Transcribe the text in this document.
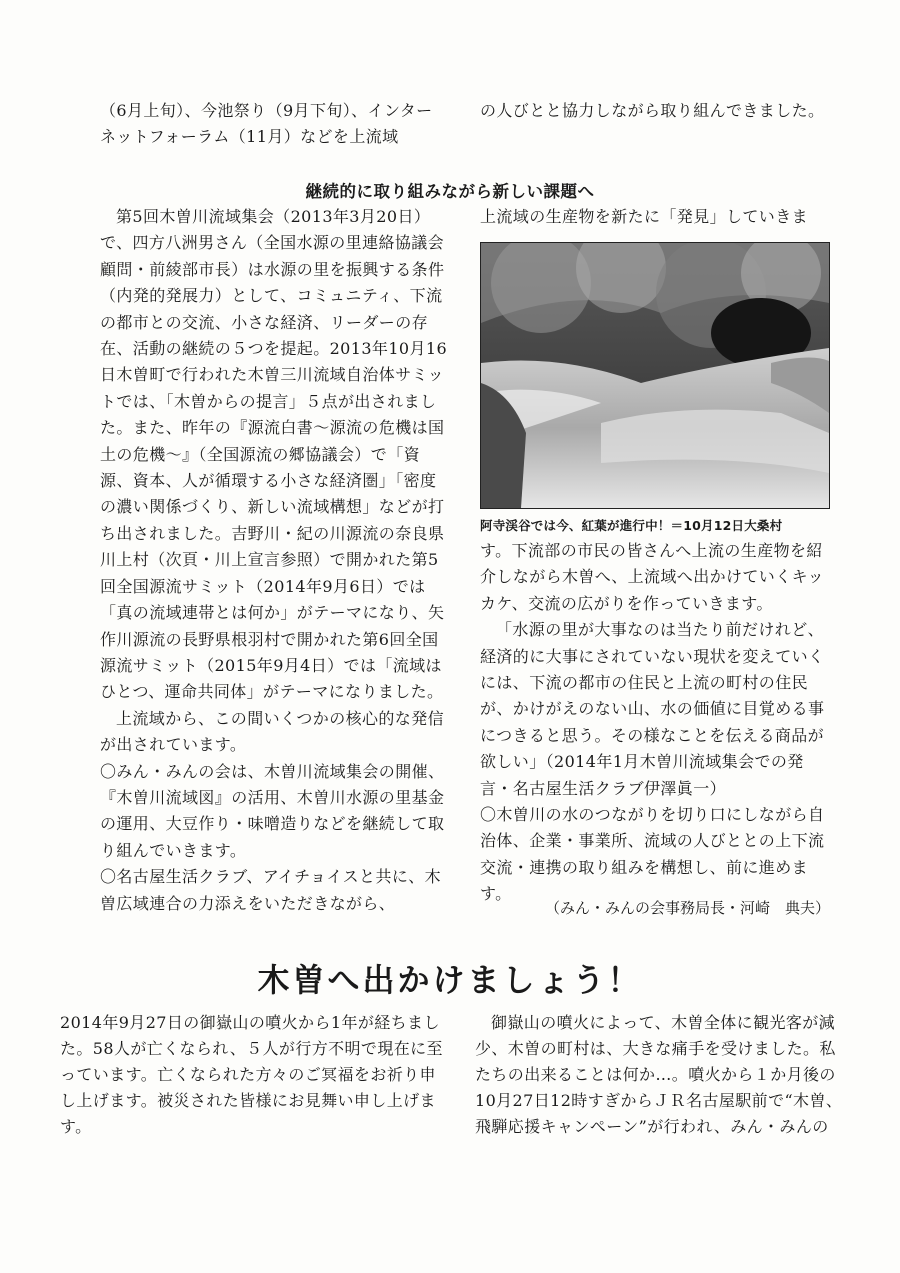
（6月上旬）、今池祭り（9月下旬）、インターネットフォーラム（11月）などを上流域

の人びとと協力しながら取り組んできました。

継続的に取り組みながら新しい課題へ

第5回木曽川流域集会（2013年3月20日）で、四方八洲男さん（全国水源の里連絡協議会顧問・前綾部市長）は水源の里を振興する条件（内発的発展力）として、コミュニティ、下流の都市との交流、小さな経済、リーダーの存在、活動の継続の５つを提起。2013年10月16日木曽町で行われた木曽三川流域自治体サミットでは、「木曽からの提言」５点が出されました。また、昨年の『源流白書～源流の危機は国土の危機～』（全国源流の郷協議会）で「資源、資本、人が循環する小さな経済圏」「密度の濃い関係づくり、新しい流域構想」などが打ち出されました。吉野川・紀の川源流の奈良県川上村（次頁・川上宣言参照）で開かれた第5回全国源流サミット（2014年9月6日）では「真の流域連帯とは何か」がテーマになり、矢作川源流の長野県根羽村で開かれた第6回全国源流サミット（2015年9月4日）では「流域はひとつ、運命共同体」がテーマになりました。

上流域から、この間いくつかの核心的な発信が出されています。

〇みん・みんの会は、木曽川流域集会の開催、『木曽川流域図』の活用、木曽川水源の里基金の運用、大豆作り・味噌造りなどを継続して取り組んでいきます。

〇名古屋生活クラブ、アイチョイスと共に、木曽広域連合の力添えをいただきながら、

上流域の生産物を新たに「発見」していきま

阿寺渓谷では今、紅葉が進行中！＝10月12日大桑村

す。下流部の市民の皆さんへ上流の生産物を紹介しながら木曽へ、上流域へ出かけていくキッカケ、交流の広がりを作っていきます。

「水源の里が大事なのは当たり前だけれど、経済的に大事にされていない現状を変えていくには、下流の都市の住民と上流の町村の住民が、かけがえのない山、水の価値に目覚める事につきると思う。その様なことを伝える商品が欲しい」（2014年1月木曽川流域集会での発言・名古屋生活クラブ伊澤眞一）

〇木曽川の水のつながりを切り口にしながら自治体、企業・事業所、流域の人びととの上下流交流・連携の取り組みを構想し、前に進めます。

（みん・みんの会事務局長・河崎　典夫）
木曽へ出かけましょう！

2014年9月27日の御嶽山の噴火から1年が経ちました。58人が亡くなられ、５人が行方不明で現在に至っています。亡くなられた方々のご冥福をお祈り申し上げます。被災された皆様にお見舞い申し上げます。

御嶽山の噴火によって、木曽全体に観光客が減少、木曽の町村は、大きな痛手を受けました。私たちの出来ることは何か…。噴火から１か月後の10月27日12時すぎからＪＲ名古屋駅前で“木曽、飛騨応援キャンペーン”が行われ、みん・みんの
